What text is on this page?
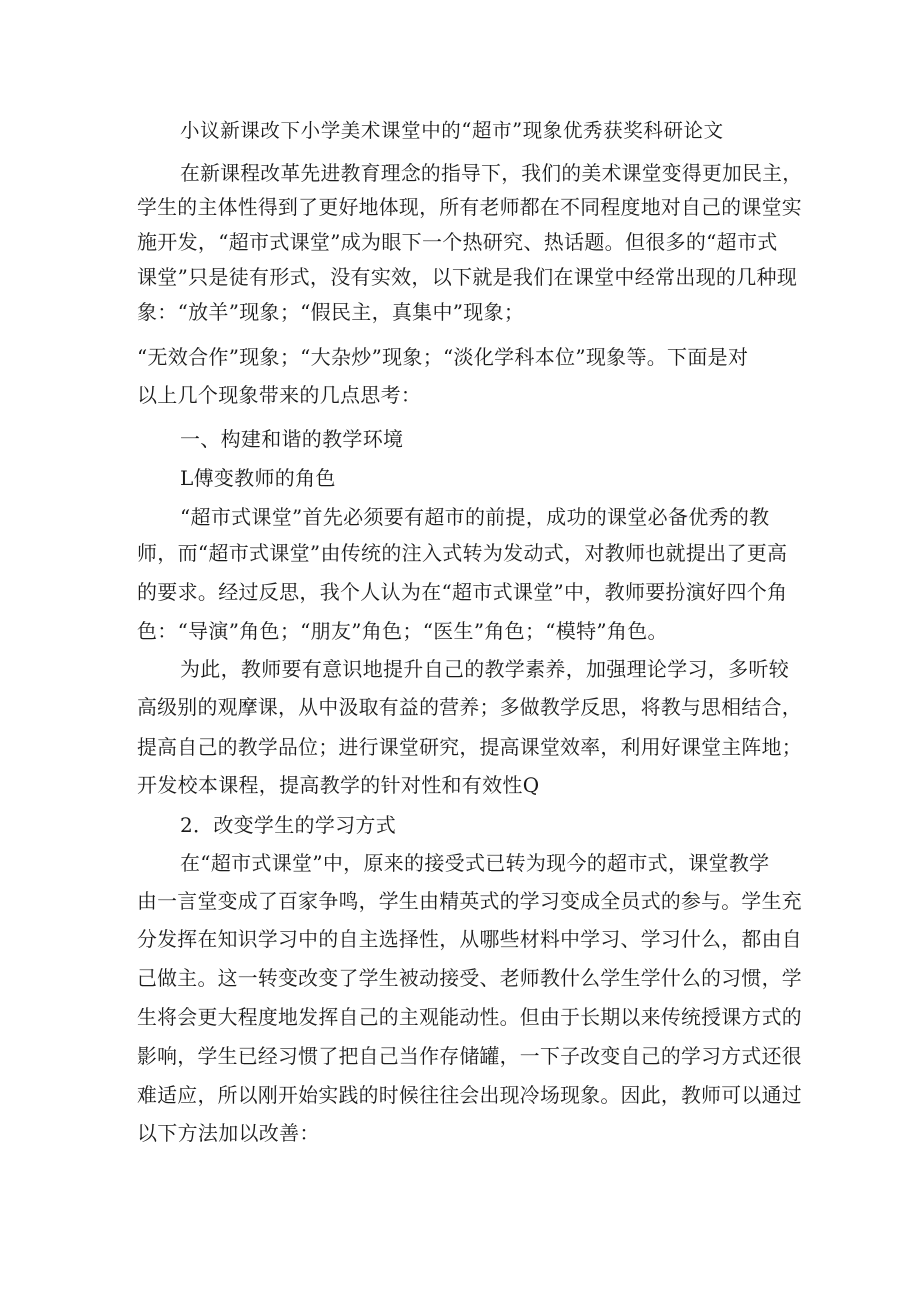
小议新课改下小学美术课堂中的“超市”现象优秀获奖科研论文
在新课程改革先进教育理念的指导下，我们的美术课堂变得更加民主，
学生的主体性得到了更好地体现，所有老师都在不同程度地对自己的课堂实
施开发，“超市式课堂”成为眼下一个热研究、热话题。但很多的“超市式
课堂”只是徒有形式，没有实效，以下就是我们在课堂中经常出现的几种现
象：“放羊”现象；“假民主，真集中”现象；
“无效合作”现象；“大杂炒”现象；“淡化学科本位”现象等。下面是对
以上几个现象带来的几点思考：
一、构建和谐的教学环境
L傅变教师的角色
“超市式课堂”首先必须要有超市的前提，成功的课堂必备优秀的教
师，而“超市式课堂”由传统的注入式转为发动式，对教师也就提出了更高
的要求。经过反思，我个人认为在“超市式课堂”中，教师要扮演好四个角
色：“导演”角色；“朋友”角色；“医生”角色；“模特”角色。
为此，教师要有意识地提升自己的教学素养，加强理论学习，多听较
高级别的观摩课，从中汲取有益的营养；多做教学反思，将教与思相结合，
提高自己的教学品位；进行课堂研究，提高课堂效率，利用好课堂主阵地；
开发校本课程，提高教学的针对性和有效性Q
2．改变学生的学习方式
在“超市式课堂”中，原来的接受式已转为现今的超市式，课堂教学
由一言堂变成了百家争鸣，学生由精英式的学习变成全员式的参与。学生充
分发挥在知识学习中的自主选择性，从哪些材料中学习、学习什么，都由自
己做主。这一转变改变了学生被动接受、老师教什么学生学什么的习惯，学
生将会更大程度地发挥自己的主观能动性。但由于长期以来传统授课方式的
影响，学生已经习惯了把自己当作存储罐，一下子改变自己的学习方式还很
难适应，所以刚开始实践的时候往往会出现冷场现象。因此，教师可以通过
以下方法加以改善：
